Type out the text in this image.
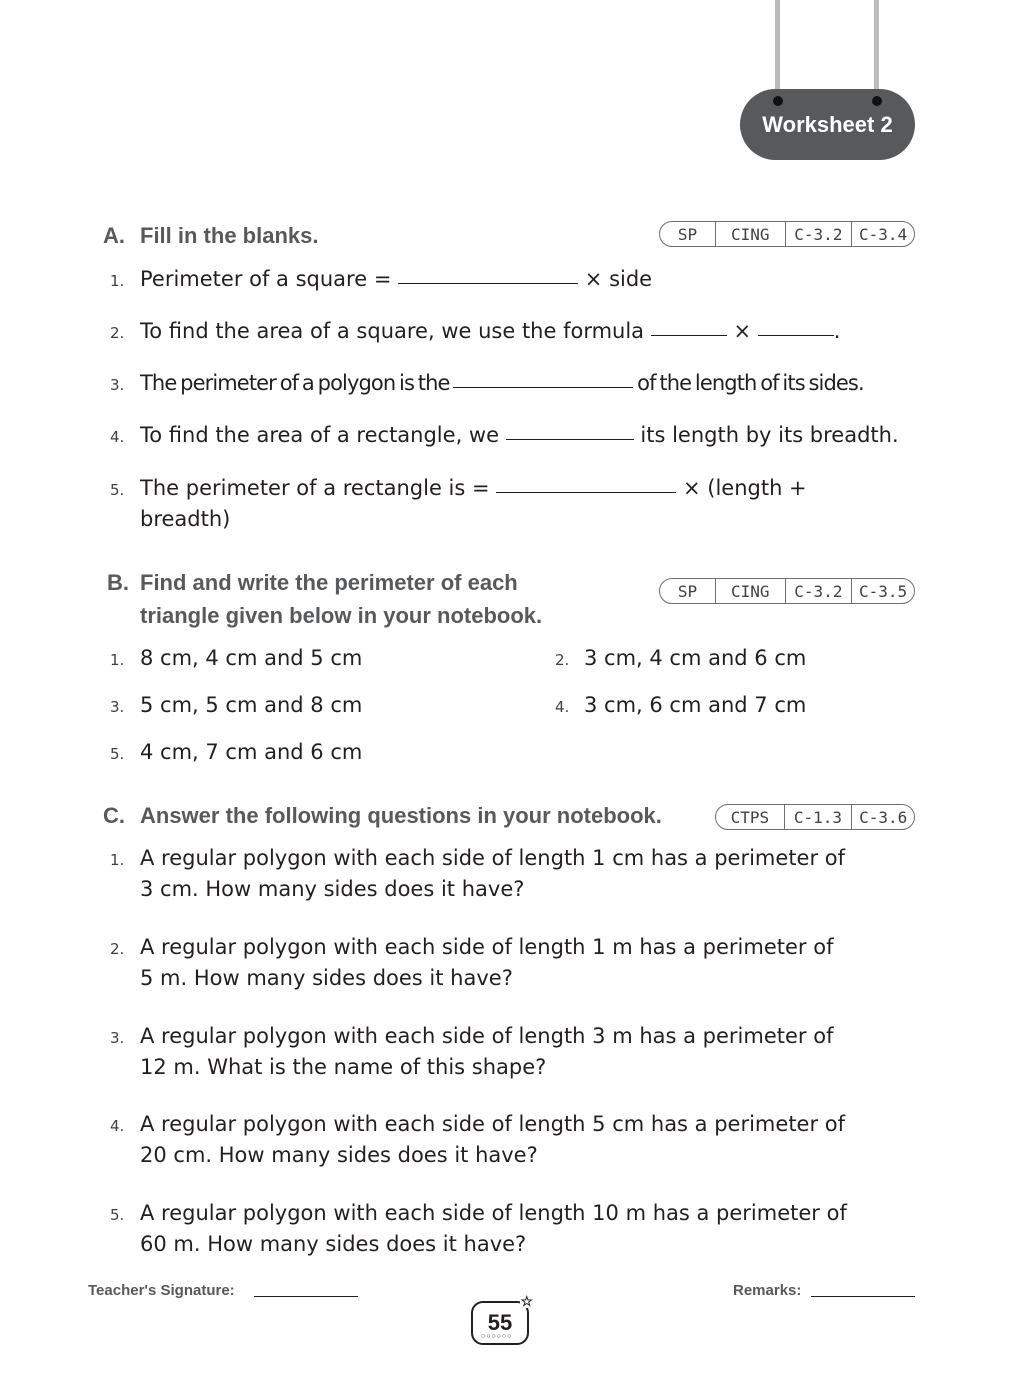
Worksheet 2
A. Fill in the blanks.	SP	CING	C-3.2	C-3.4
1. Perimeter of a square =	× side
2. To find the area of a square, we use the formula	×	.
3. The perimeter of a polygon is the	of the length of its sides.
4. To find the area of a rectangle, we	its length by its breadth.
5. The perimeter of a rectangle is =	× (length +
breadth)
B. Find and write the perimeter of each
triangle given below in your notebook.
SP	CING	C-3.2	C-3.5
1. 8 cm, 4 cm and 5 cm	2. 3 cm, 4 cm and 6 cm
3. 5 cm, 5 cm and 8 cm	4. 3 cm, 6 cm and 7 cm
5. 4 cm, 7 cm and 6 cm
C. Answer the following questions in your notebook.	CTPS	C-1.3	C-3.6
1. A regular polygon with each side of length 1 cm has a perimeter of
3 cm. How many sides does it have?
2. A regular polygon with each side of length 1 m has a perimeter of
5 m. How many sides does it have?
3. A regular polygon with each side of length 3 m has a perimeter of
12 m. What is the name of this shape?
4. A regular polygon with each side of length 5 cm has a perimeter of
20 cm. How many sides does it have?
5. A regular polygon with each side of length 10 m has a perimeter of
60 m. How many sides does it have?
Teacher's Signature:	Remarks:
55
○○○○○○
☆
